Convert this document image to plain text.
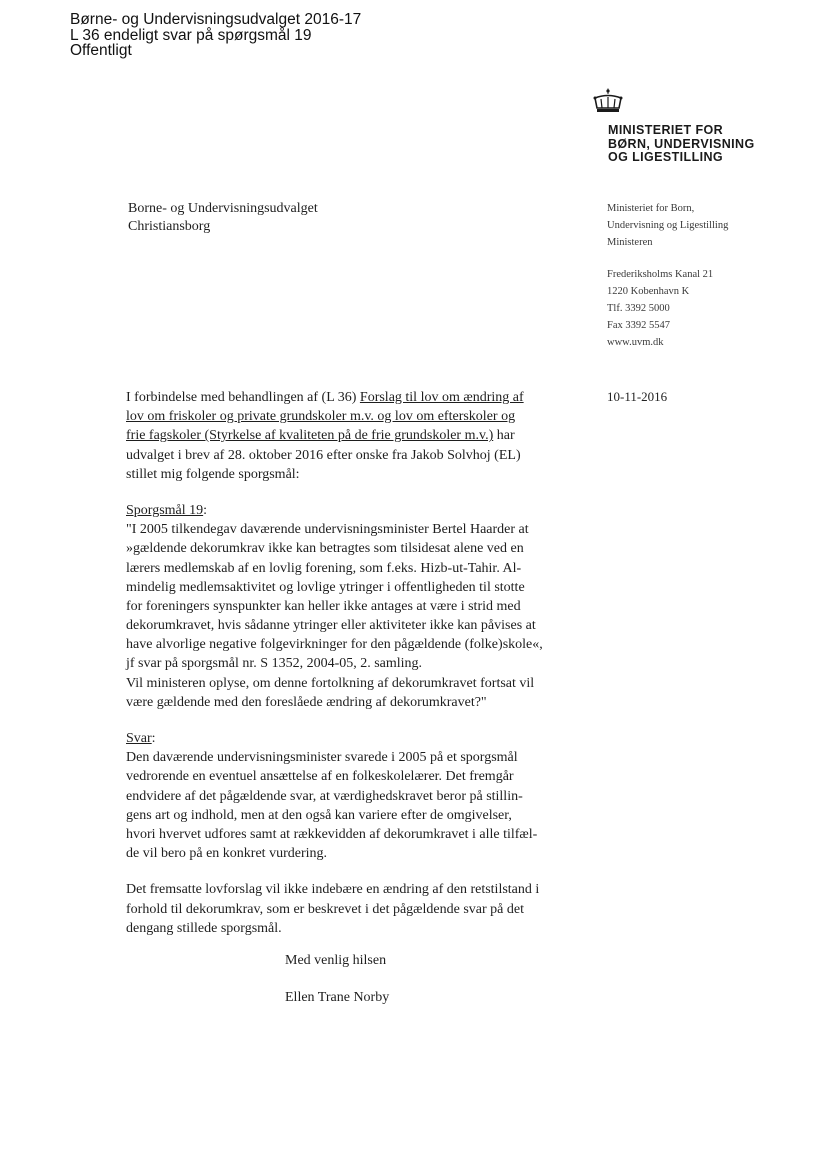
Børne- og Undervisningsudvalget 2016-17
L 36 endeligt svar på spørgsmål 19
Offentligt
MINISTERIET FOR
BØRN, UNDERVISNING
OG LIGESTILLING
Borne- og Undervisningsudvalget
Christiansborg
Ministeriet for Born,
Undervisning og Ligestilling
Ministeren
Frederiksholms Kanal 21
1220 Kobenhavn K
Tlf. 3392 5000
Fax 3392 5547
www.uvm.dk
10-11-2016
I forbindelse med behandlingen af (L 36) Forslag til lov om ændring af
lov om friskoler og private grundskoler m.v. og lov om efterskoler og
frie fagskoler (Styrkelse af kvaliteten på de frie grundskoler m.v.) har
udvalget i brev af 28. oktober 2016 efter onske fra Jakob Solvhoj (EL)
stillet mig folgende sporgsmål:
Sporgsmål 19:
"I 2005 tilkendegav daværende undervisningsminister Bertel Haarder at
»gældende dekorumkrav ikke kan betragtes som tilsidesat alene ved en
lærers medlemskab af en lovlig forening, som f.eks. Hizb-ut-Tahir. Al-
mindelig medlemsaktivitet og lovlige ytringer i offentligheden til stotte
for foreningers synspunkter kan heller ikke antages at være i strid med
dekorumkravet, hvis sådanne ytringer eller aktiviteter ikke kan påvises at
have alvorlige negative folgevirkninger for den pågældende (folke)skole«,
jf svar på sporgsmål nr. S 1352, 2004-05, 2. samling.
Vil ministeren oplyse, om denne fortolkning af dekorumkravet fortsat vil
være gældende med den foreslåede ændring af dekorumkravet?"
Svar:
Den daværende undervisningsminister svarede i 2005 på et sporgsmål
vedrorende en eventuel ansættelse af en folkeskolelærer. Det fremgår
endvidere af det pågældende svar, at værdighedskravet beror på stillin-
gens art og indhold, men at den også kan variere efter de omgivelser,
hvori hvervet udfores samt at rækkevidden af dekorumkravet i alle tilfæl-
de vil bero på en konkret vurdering.
Det fremsatte lovforslag vil ikke indebære en ændring af den retstilstand i
forhold til dekorumkrav, som er beskrevet i det pågældende svar på det
dengang stillede sporgsmål.
Med venlig hilsen
Ellen Trane Norby
